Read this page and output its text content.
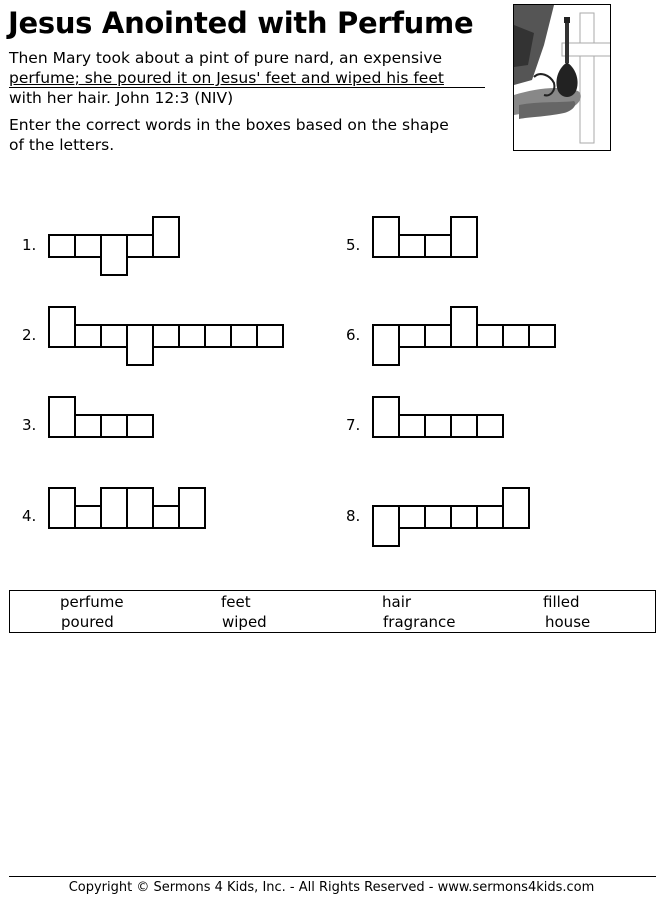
Jesus Anointed with Perfume
Then Mary took about a pint of pure nard, an expensive
perfume; she poured it on Jesus' feet and wiped his feet
with her hair. John 12:3 (NIV)
Enter the correct words in the boxes based on the shape
of the letters.
1.
2.
3.
4.
5.
6.
7.
8.
perfume	feet	hair	filled
poured	wiped	fragrance	house
Copyright © Sermons 4 Kids, Inc. - All Rights Reserved - www.sermons4kids.com
